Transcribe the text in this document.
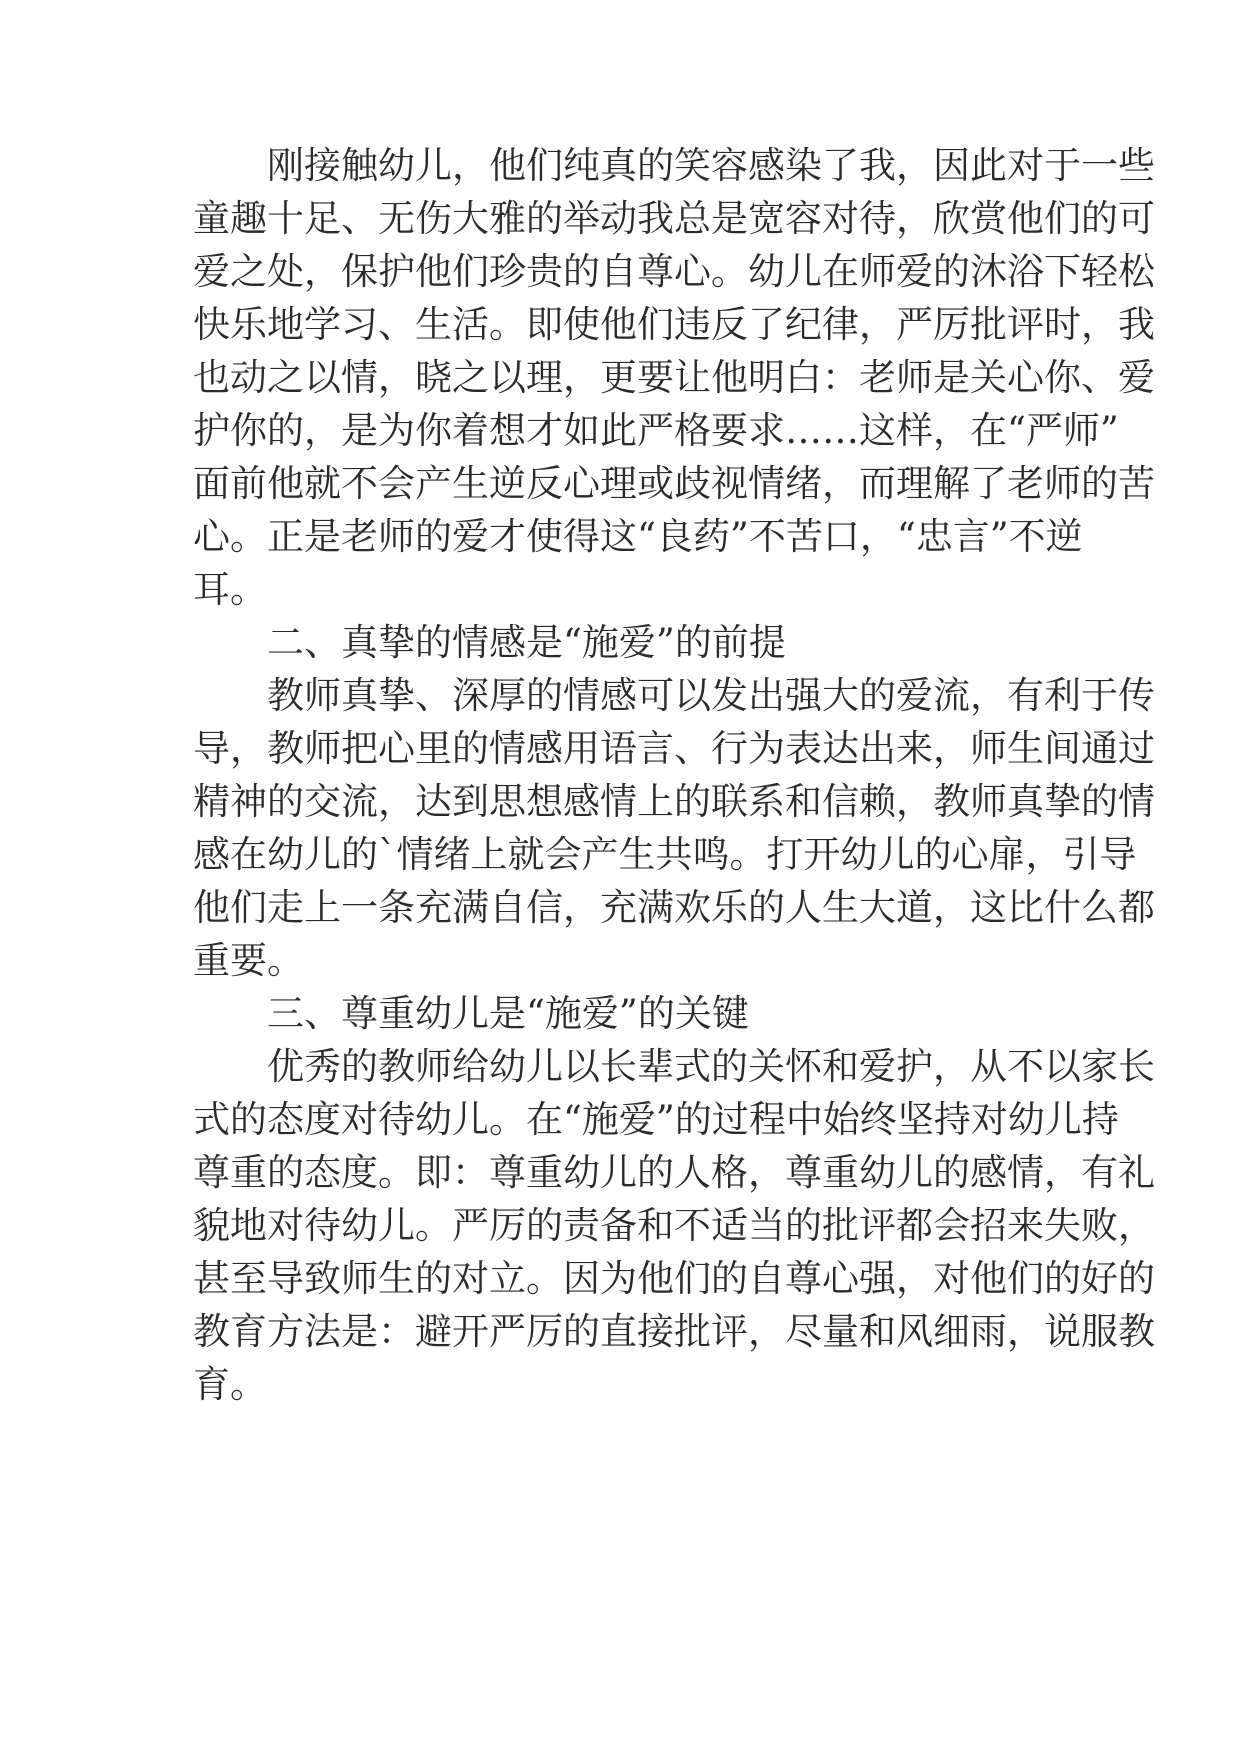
刚接触幼儿，他们纯真的笑容感染了我，因此对于一些
童趣十足、无伤大雅的举动我总是宽容对待，欣赏他们的可
爱之处，保护他们珍贵的自尊心。幼儿在师爱的沐浴下轻松
快乐地学习、生活。即使他们违反了纪律，严厉批评时，我
也动之以情，晓之以理，更要让他明白：老师是关心你、爱
护你的，是为你着想才如此严格要求……这样，在“严师”
面前他就不会产生逆反心理或歧视情绪，而理解了老师的苦
心。正是老师的爱才使得这“良药”不苦口，“忠言”不逆
耳。
二、真挚的情感是“施爱”的前提
教师真挚、深厚的情感可以发出强大的爱流，有利于传
导，教师把心里的情感用语言、行为表达出来，师生间通过
精神的交流，达到思想感情上的联系和信赖，教师真挚的情
感在幼儿的`情绪上就会产生共鸣。打开幼儿的心扉，引导
他们走上一条充满自信，充满欢乐的人生大道，这比什么都
重要。
三、尊重幼儿是“施爱”的关键
优秀的教师给幼儿以长辈式的关怀和爱护，从不以家长
式的态度对待幼儿。在“施爱”的过程中始终坚持对幼儿持
尊重的态度。即：尊重幼儿的人格，尊重幼儿的感情，有礼
貌地对待幼儿。严厉的责备和不适当的批评都会招来失败，
甚至导致师生的对立。因为他们的自尊心强，对他们的好的
教育方法是：避开严厉的直接批评，尽量和风细雨，说服教
育。
